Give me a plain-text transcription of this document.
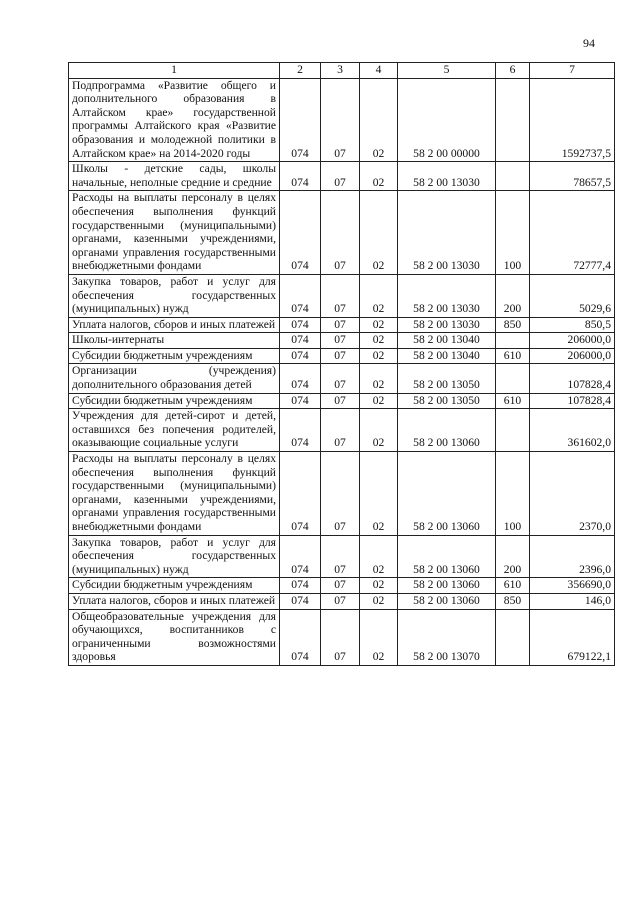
94
1	2	3	4	5	6	7
Подпрограмма «Развитие общего и дополнительного образования в Алтайском крае» государственной программы Алтайского края «Развитие образования и молодежной политики в Алтайском крае» на 2014-2020 годы	074	07	02	58 2 00 00000		1592737,5
Школы - детские сады, школы начальные, неполные средние и средние	074	07	02	58 2 00 13030		78657,5
Расходы на выплаты персоналу в целях обеспечения выполнения функций государственными (муниципальными) органами, казенными учреждениями, органами управления государственными внебюджетными фондами	074	07	02	58 2 00 13030	100	72777,4
Закупка товаров, работ и услуг для обеспечения государственных (муниципальных) нужд	074	07	02	58 2 00 13030	200	5029,6
Уплата налогов, сборов и иных платежей	074	07	02	58 2 00 13030	850	850,5
Школы-интернаты	074	07	02	58 2 00 13040		206000,0
Субсидии бюджетным учреждениям	074	07	02	58 2 00 13040	610	206000,0
Организации (учреждения) дополнительного образования детей	074	07	02	58 2 00 13050		107828,4
Субсидии бюджетным учреждениям	074	07	02	58 2 00 13050	610	107828,4
Учреждения для детей-сирот и детей, оставшихся без попечения родителей, оказывающие социальные услуги	074	07	02	58 2 00 13060		361602,0
Расходы на выплаты персоналу в целях обеспечения выполнения функций государственными (муниципальными) органами, казенными учреждениями, органами управления государственными внебюджетными фондами	074	07	02	58 2 00 13060	100	2370,0
Закупка товаров, работ и услуг для обеспечения государственных (муниципальных) нужд	074	07	02	58 2 00 13060	200	2396,0
Субсидии бюджетным учреждениям	074	07	02	58 2 00 13060	610	356690,0
Уплата налогов, сборов и иных платежей	074	07	02	58 2 00 13060	850	146,0
Общеобразовательные учреждения для обучающихся, воспитанников с ограниченными возможностями здоровья	074	07	02	58 2 00 13070		679122,1
